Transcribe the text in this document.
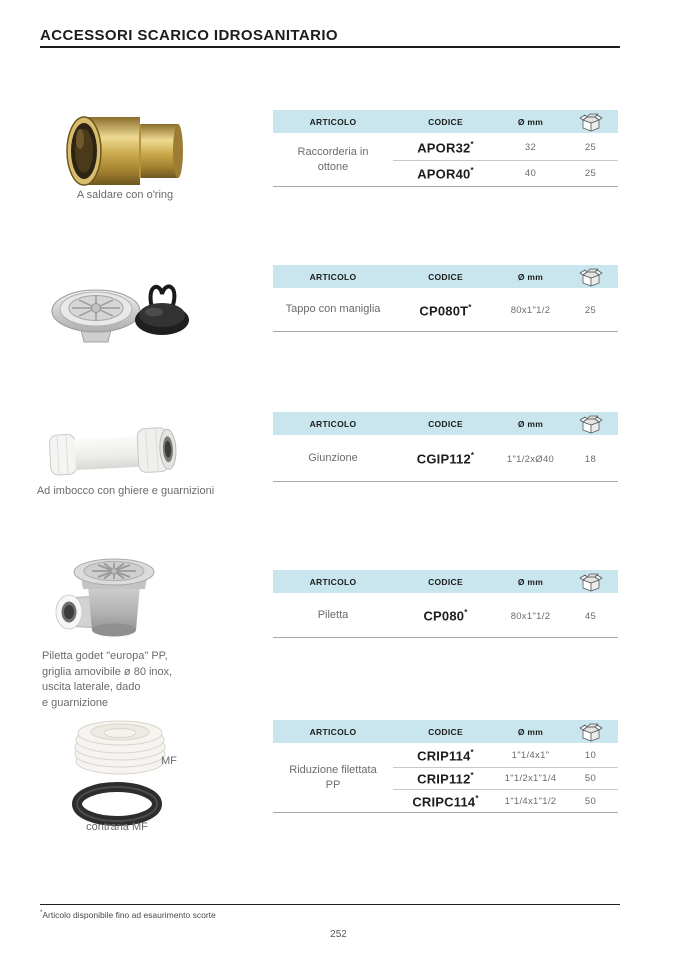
ACCESSORI SCARICO IDROSANITARIO
A saldare con o'ring
Ad imbocco con ghiere e guarnizioni
Piletta godet "europa" PP,
griglia amovibile ø 80 inox,
uscita laterale, dado
e guarnizione
MF
contraria MF
ARTICOLO	CODICE	Ø mm
Raccorderia in ottone
APOR32*	32	25
APOR40*	40	25
ARTICOLO	CODICE	Ø mm
Tappo con maniglia	CP080T*	80x1"1/2	25
ARTICOLO	CODICE	Ø mm
Giunzione	CGIP112*	1"1/2xØ40	18
ARTICOLO	CODICE	Ø mm
Piletta	CP080*	80x1"1/2	45
ARTICOLO	CODICE	Ø mm
Riduzione filettata PP
CRIP114*	1"1/4x1"	10
CRIP112*	1"1/2x1"1/4	50
CRIPC114*	1"1/4x1"1/2	50
*Articolo disponibile fino ad esaurimento scorte
252
